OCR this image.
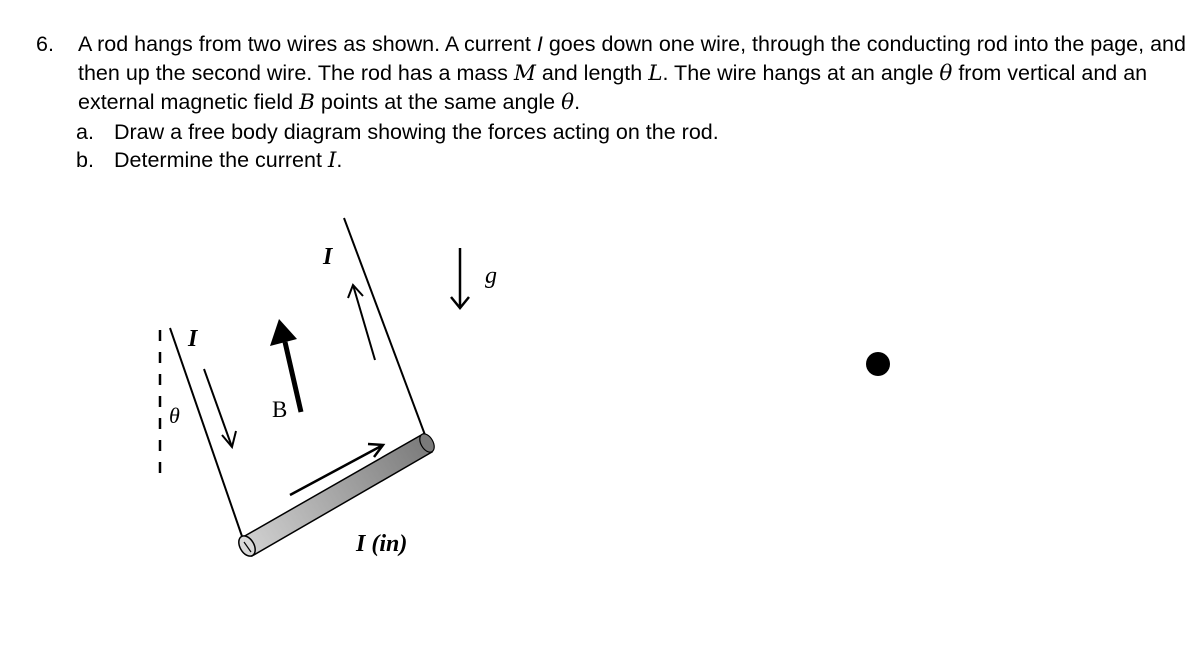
6.	A rod hangs from two wires as shown. A current I goes down one wire, through the conducting rod into the page, and then up the second wire. The rod has a mass M and length L. The wire hangs at an angle θ from vertical and an external magnetic field B points at the same angle θ.
a. Draw a free body diagram showing the forces acting on the rod.
b. Determine the current I.
I
I
θ	B
g
I (in)
